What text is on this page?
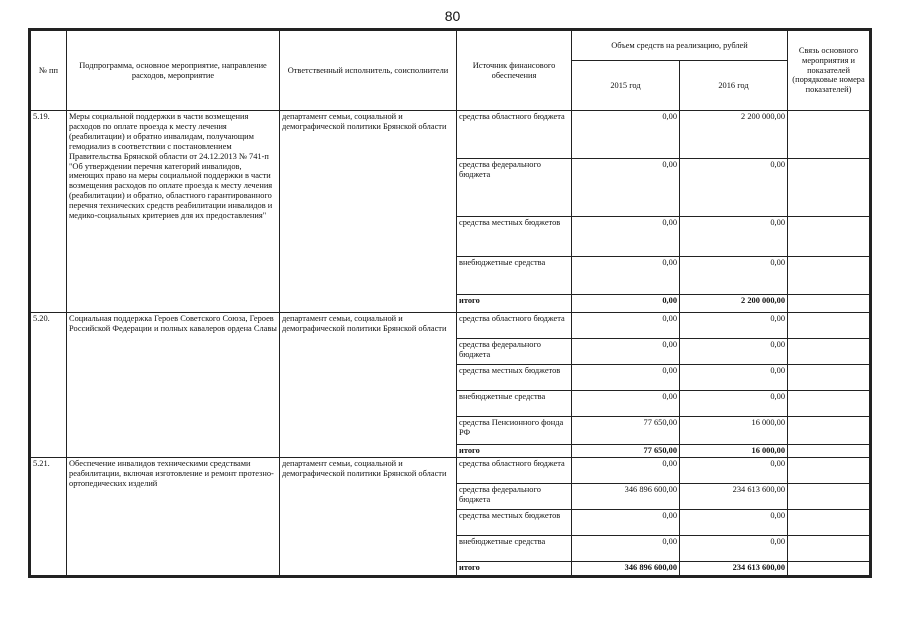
80
№ пп	Подпрограмма, основное мероприятие, направление расходов, мероприятие	Ответственный исполнитель, соисполнители	Источник финансового обеспечения	Объем средств на реализацию, рублей		Связь основного мероприятия и показателей (порядковые номера показателей)
				2015 год	2016 год	
5.19.	Меры социальной поддержки в части возмещения расходов по оплате проезда к месту лечения (реабилитации) и обратно инвалидам, получающим гемодиализ в соответствии с постановлением Правительства Брянской области от 24.12.2013 № 741-п "Об утверждении перечня категорий инвалидов, имеющих право на меры социальной поддержки в части возмещения расходов по оплате проезда к месту лечения (реабилитации) и обратно, областного гарантированного перечня технических средств реабилитации инвалидов и медико-социальных критериев для их предоставления"	департамент семьи, социальной и демографической политики Брянской области	средства областного бюджета	0,00	2 200 000,00	
			средства федерального бюджета	0,00	0,00	
			средства местных бюджетов	0,00	0,00	
			внебюджетные средства	0,00	0,00	
			итого	0,00	2 200 000,00	
5.20.	Социальная поддержка Героев Советского Союза, Героев Российской Федерации и полных кавалеров ордена Славы	департамент семьи, социальной и демографической политики Брянской области	средства областного бюджета	0,00	0,00	
			средства федерального бюджета	0,00	0,00	
			средства местных бюджетов	0,00	0,00	
			внебюджетные средства	0,00	0,00	
			средства Пенсионного фонда РФ	77 650,00	16 000,00	
			итого	77 650,00	16 000,00	
5.21.	Обеспечение инвалидов техническими средствами реабилитации, включая изготовление и ремонт протезно-ортопедических изделий	департамент семьи, социальной и демографической политики Брянской области	средства областного бюджета	0,00	0,00	
			средства федерального бюджета	346 896 600,00	234 613 600,00	
			средства местных бюджетов	0,00	0,00	
			внебюджетные средства	0,00	0,00	
			итого	346 896 600,00	234 613 600,00	
